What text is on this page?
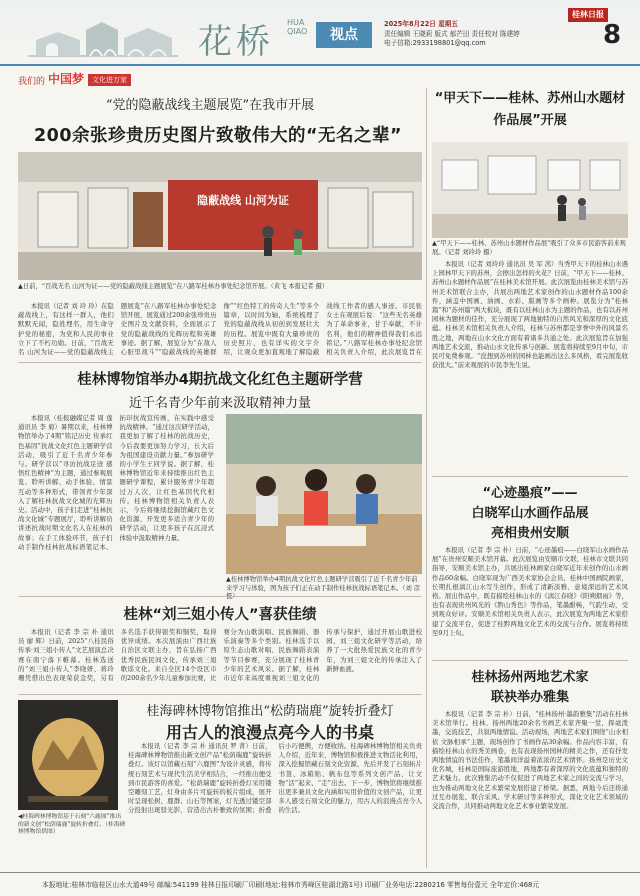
花桥 HUA QIAO	视点
2025年8月22日 星期五
责任编辑 王晓莉 版式 郁芒田 责任校对 陈建婷
电子信箱:2933198801@qq.com
桂林日报
8
我们的 中国梦	文化进万家
“党的隐蔽战线主题展览”在我市开展
200余张珍贵历史图片致敬伟大的“无名之辈”
隐蔽战线 山河为证
▲日前，“百战无名 山河为证——党的隐蔽战线主题展览”在八路军桂林办事处纪念馆开展。（黄飞 本报记者 摄）

本报讯（记者 刘 玲 玲）在隐蔽战线上，有这样一群人，他们默默无闻，隐姓埋名，用生命守护党的秘密，为党和人民的事业立下了不朽功勋。日前，“百战无名 山河为证——党的隐蔽战线主题展览”在八路军桂林办事处纪念馆开展，展览通过200余张珍贵历史图片及文献资料，全面展示了党的隐蔽战线的光辉历程和英雄事迹。据了解，展览分为“在敌人心脏里战斗”“隐蔽战线的英雄群像”“红色特工的传奇人生”等多个篇章，以时间为轴，系统梳理了党的隐蔽战线从初创到发展壮大的历程。展览中既有大量珍贵的历史照片，也有详实的文字介绍，让观众更加直观地了解隐蔽战线工作者的感人事迹。市民张女士在观展后说：“这些无名英雄为了革命事业，甘于奉献，不计名利，他们的精神值得我们永远铭记。”八路军桂林办事处纪念馆相关负责人介绍，此次展览旨在

桂林博物馆举办4期抗战文化红色主题研学营
近千名青少年前来汲取精神力量

本报讯（桂报融媒记者 周 莲 通讯员 李 菊）暑期以来，桂林博物馆举办了4期“铭记历史 传承红色基因”抗战文化红色主题研学营活动，吸引了近千名青少年参与。研学营以“寻访抗战足迹 感悟红色精神”为主题，通过参观展览、聆听讲解、动手体验、情景互动等多种形式，带领青少年深入了解桂林抗战文化城的光辉历史。活动中，孩子们走进“桂林抗战文化城”专题展厅，聆听讲解员讲述抗战时期文化名人在桂林的故事；在手工体验环节，孩子们动手制作桂林抗战标语笔记本、拓印抗战宣传画，在实践中感受抗战精神。“通过这次研学活动，我更加了解了桂林的抗战历史，今后我要更加努力学习，长大后为祖国建设贡献力量。”参加研学的小学生王同学说。据了解，桂林博物馆近年来持续推出红色主题研学课程，累计服务青少年超过万人次，让红色基因代代相传。桂林博物馆相关负责人表示，今后将继续挖掘馆藏红色文化资源，开发更多适合青少年的研学活动，让更多孩子在沉浸式体验中汲取精神力量。

▲桂林博物馆举办4期抗战文化红色主题研学营吸引了近千名青少年前来学习与体验，图为孩子们正在动手制作桂林抗战标语笔记本。（刘 彦
桂林“刘三姐小传人”喜获佳绩

本报讯（记者 李 宗 朴 通讯员 廖 辉）日前，2025“八桂民俗传承·刘三姐小传人”文艺展演总决赛在南宁落下帷幕。桂林选送的“刘三姐小传人”李晓妍、蒋玲珊凭借出色表现荣获金奖，另有多名选手获得银奖和铜奖，取得优异成绩。本次展演由广西壮族自治区文联主办，旨在弘扬广西优秀民族民间文化，传承刘三姐歌谣文化。来自全区14个设区市的200余名少年儿童参加比赛，比赛分为山歌演唱、民族舞蹈、器乐演奏等多个类别。桂林选手以原生态山歌对唱、民族舞蹈表演等节目参赛，充分展现了桂林青少年的艺术风采。据了解，桂林市近年来高度重视刘三姐文化的传承与保护，通过开展山歌进校园、刘三姐文化研学等活动，培养了一大批热爱民族文化的青少年，为刘三姐文化的传承注入了新鲜血液。

桂海碑林博物馆推出“松荫瑞鹿”旋转折叠灯
用古人的浪漫点亮今人的书桌

本报讯（记者 李 宗 朴 通讯员 罗 菁）日前，桂海碑林博物馆推出新文创产品“松荫瑞鹿”旋转折叠灯。该灯以馆藏石刻“六鹿图”为设计灵感，将传统石刻艺术与现代生活美学相结合，一经推出便受到市民游客的喜爱。“松荫瑞鹿”旋转折叠灯采用镂空雕刻工艺，灯身由多片可旋转的板片组成，展开时呈现松树、鹿群、山石等图案，灯光透过镂空部分投射出斑驳光影，营造出古朴雅致的氛围；折叠后小巧便携，方便收纳。桂海碑林博物馆相关负责人介绍，近年来，博物馆积极推进文物活化利用，深入挖掘馆藏石刻文化资源，先后开发了石刻拓片书签、冰箱贴、帆布包等系列文创产品，让文物“活”起来、“走”出去。下一步，博物馆将继续推出更多兼具文化内涵和实用价值的文创产品，让更多人感受石刻文化的魅力，用古人的浪漫点亮今人的生活。

◀桂海碑林博物馆基于石刻“六鹿图”推出的新文创“松荫瑞鹿”旋转折叠灯。（桂海碑林博物馆供图）
“甲天下——桂林、苏州山水题材作品展”开展
▲“甲天下——桂林、苏州山水题材作品展”吸引了众多市民游客前来观展。（记者 刘玲玲 摄）

本报讯（记者 刘玲玲 通讯员 吴 军 茜）当秀甲天下的桂林山水遇上园林甲天下的苏州，会擦出怎样的火花？日前，“甲天下——桂林、苏州山水题材作品展”在桂林美术馆开展。此次展览由桂林美术馆与苏州美术馆联合主办，共展出两地艺术家创作的山水题材作品100余件，涵盖中国画、油画、水彩、版画等多个画种。展览分为“桂林篇”和“苏州篇”两大板块，既有以桂林山水为主题的作品，也有以苏州园林为题材的佳作，充分展现了两地独特的自然风光和深厚的文化底蕴。桂林美术馆相关负责人介绍，桂林与苏州都是享誉中外的风景名胜之地，两地在山水文化方面有着诸多共通之处。此次展览旨在加强两地艺术交流，推动山水文化传承与创新。展览将持续至9月中旬，市民可免费参观。“没想到苏州的园林也能画出这么多风格，看完展览收获很大。”前来观展的市民李先生说。

“心迹墨痕”——
白晓军山水画作品展
亮相贵州安顺

本报讯（记者 李 宗 朴）日前，“心迹墨痕——白晓军山水画作品展”在贵州安顺美术馆开幕。此次展览由安顺市文联、桂林市文联共同指导，安顺美术馆主办，共展出桂林画家白晓军近年来创作的山水画作品60余幅。白晓军现为广西美术家协会会员、桂林中国画院画家，长期扎根漓江山水写生创作，形成了清新淡雅、意境深远的艺术风格。展出作品中，既有描绘桂林山水的《漓江春晓》《阳朔烟雨》等，也有表现贵州风光的《黔山秀色》等作品，笔墨酣畅，气韵生动，受到观众好评。安顺美术馆相关负责人表示，此次展览为两地艺术家搭建了交流平台，促进了桂黔两地文化艺术的交流与合作。展览将持续至9月上旬。

桂林扬州两地艺术家
联袂举办雅集

本报讯（记者 李 宗 朴）日前，“桂林扬州·墨韵雅集”活动在桂林美术馆举行。桂林、扬州两地20余名书画艺术家齐聚一堂，挥毫泼墨，交流技艺，共叙两地情谊。活动现场，两地艺术家们围绕“山水相依 文脉相承”主题，现场创作了书画作品30余幅。作品内容丰富，有描绘桂林山水的秀美画卷，也有表现扬州园林的精美之作，还有抒发两地情谊的书法佳作，笔墨间洋溢着浓浓的艺术情怀。扬州是历史文化名城，桂林是国际旅游胜地，两地都有着深厚的文化底蕴和独特的艺术魅力。此次雅集活动不仅促进了两地艺术家之间的交流与学习，也为推动两地文化艺术繁荣发展搭建了桥梁。据悉，两地今后还将通过互办展览、联合采风、学术研讨等多种形式，深化文化艺术领域的交流合作，共同推动两地文化艺术事业繁荣发展。

本报地址:桂林市临桂区山水大道49号 邮编:541199 桂林日报印刷厂印刷(地址:桂林市秀峰区桂湖北路1号) 印刷厂业务电话:2280216 零售每份壹元 全年定价:468元
